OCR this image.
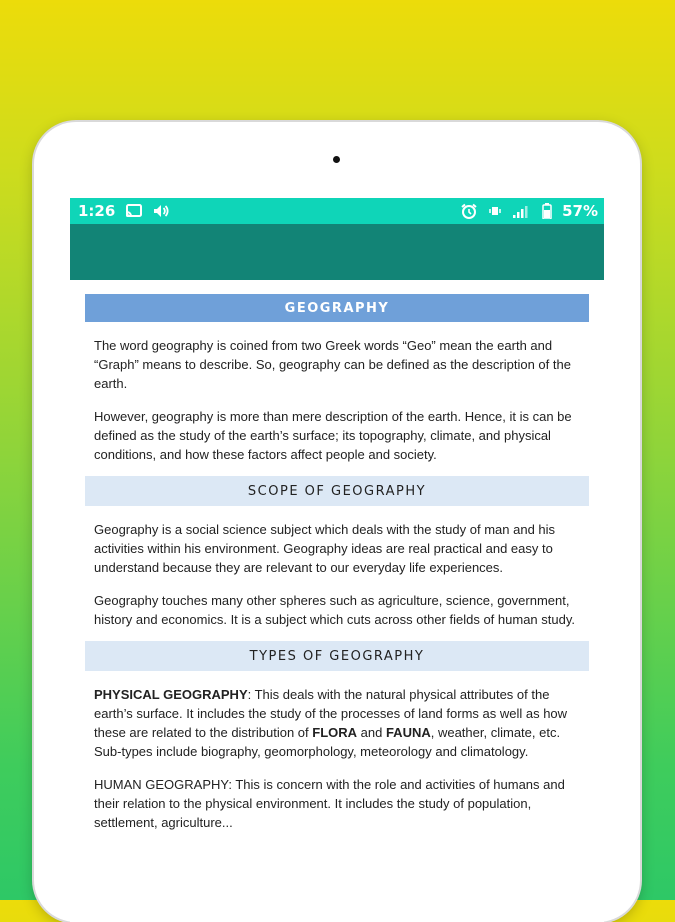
1:26	57%
GEOGRAPHY

The word geography is coined from two Greek words “Geo” mean the earth and “Graph” means to describe. So, geography can be defined as the description of the earth.

However, geography is more than mere description of the earth. Hence, it is can be defined as the study of the earth’s surface; its topography, climate, and physical conditions, and how these factors affect people and society.

SCOPE OF GEOGRAPHY

Geography is a social science subject which deals with the study of man and his activities within his environment. Geography ideas are real practical and easy to understand because they are relevant to our everyday life experiences.

Geography touches many other spheres such as agriculture, science, government, history and economics. It is a subject which cuts across other fields of human study.

TYPES OF GEOGRAPHY

PHYSICAL GEOGRAPHY: This deals with the natural physical attributes of the earth’s surface. It includes the study of the processes of land forms as well as how these are related to the distribution of FLORA and FAUNA, weather, climate, etc. Sub-types include biography, geomorphology, meteorology and climatology.

HUMAN GEOGRAPHY: This is concern with the role and activities of humans and their relation to the physical environment. It includes the study of population, settlement, agriculture...
